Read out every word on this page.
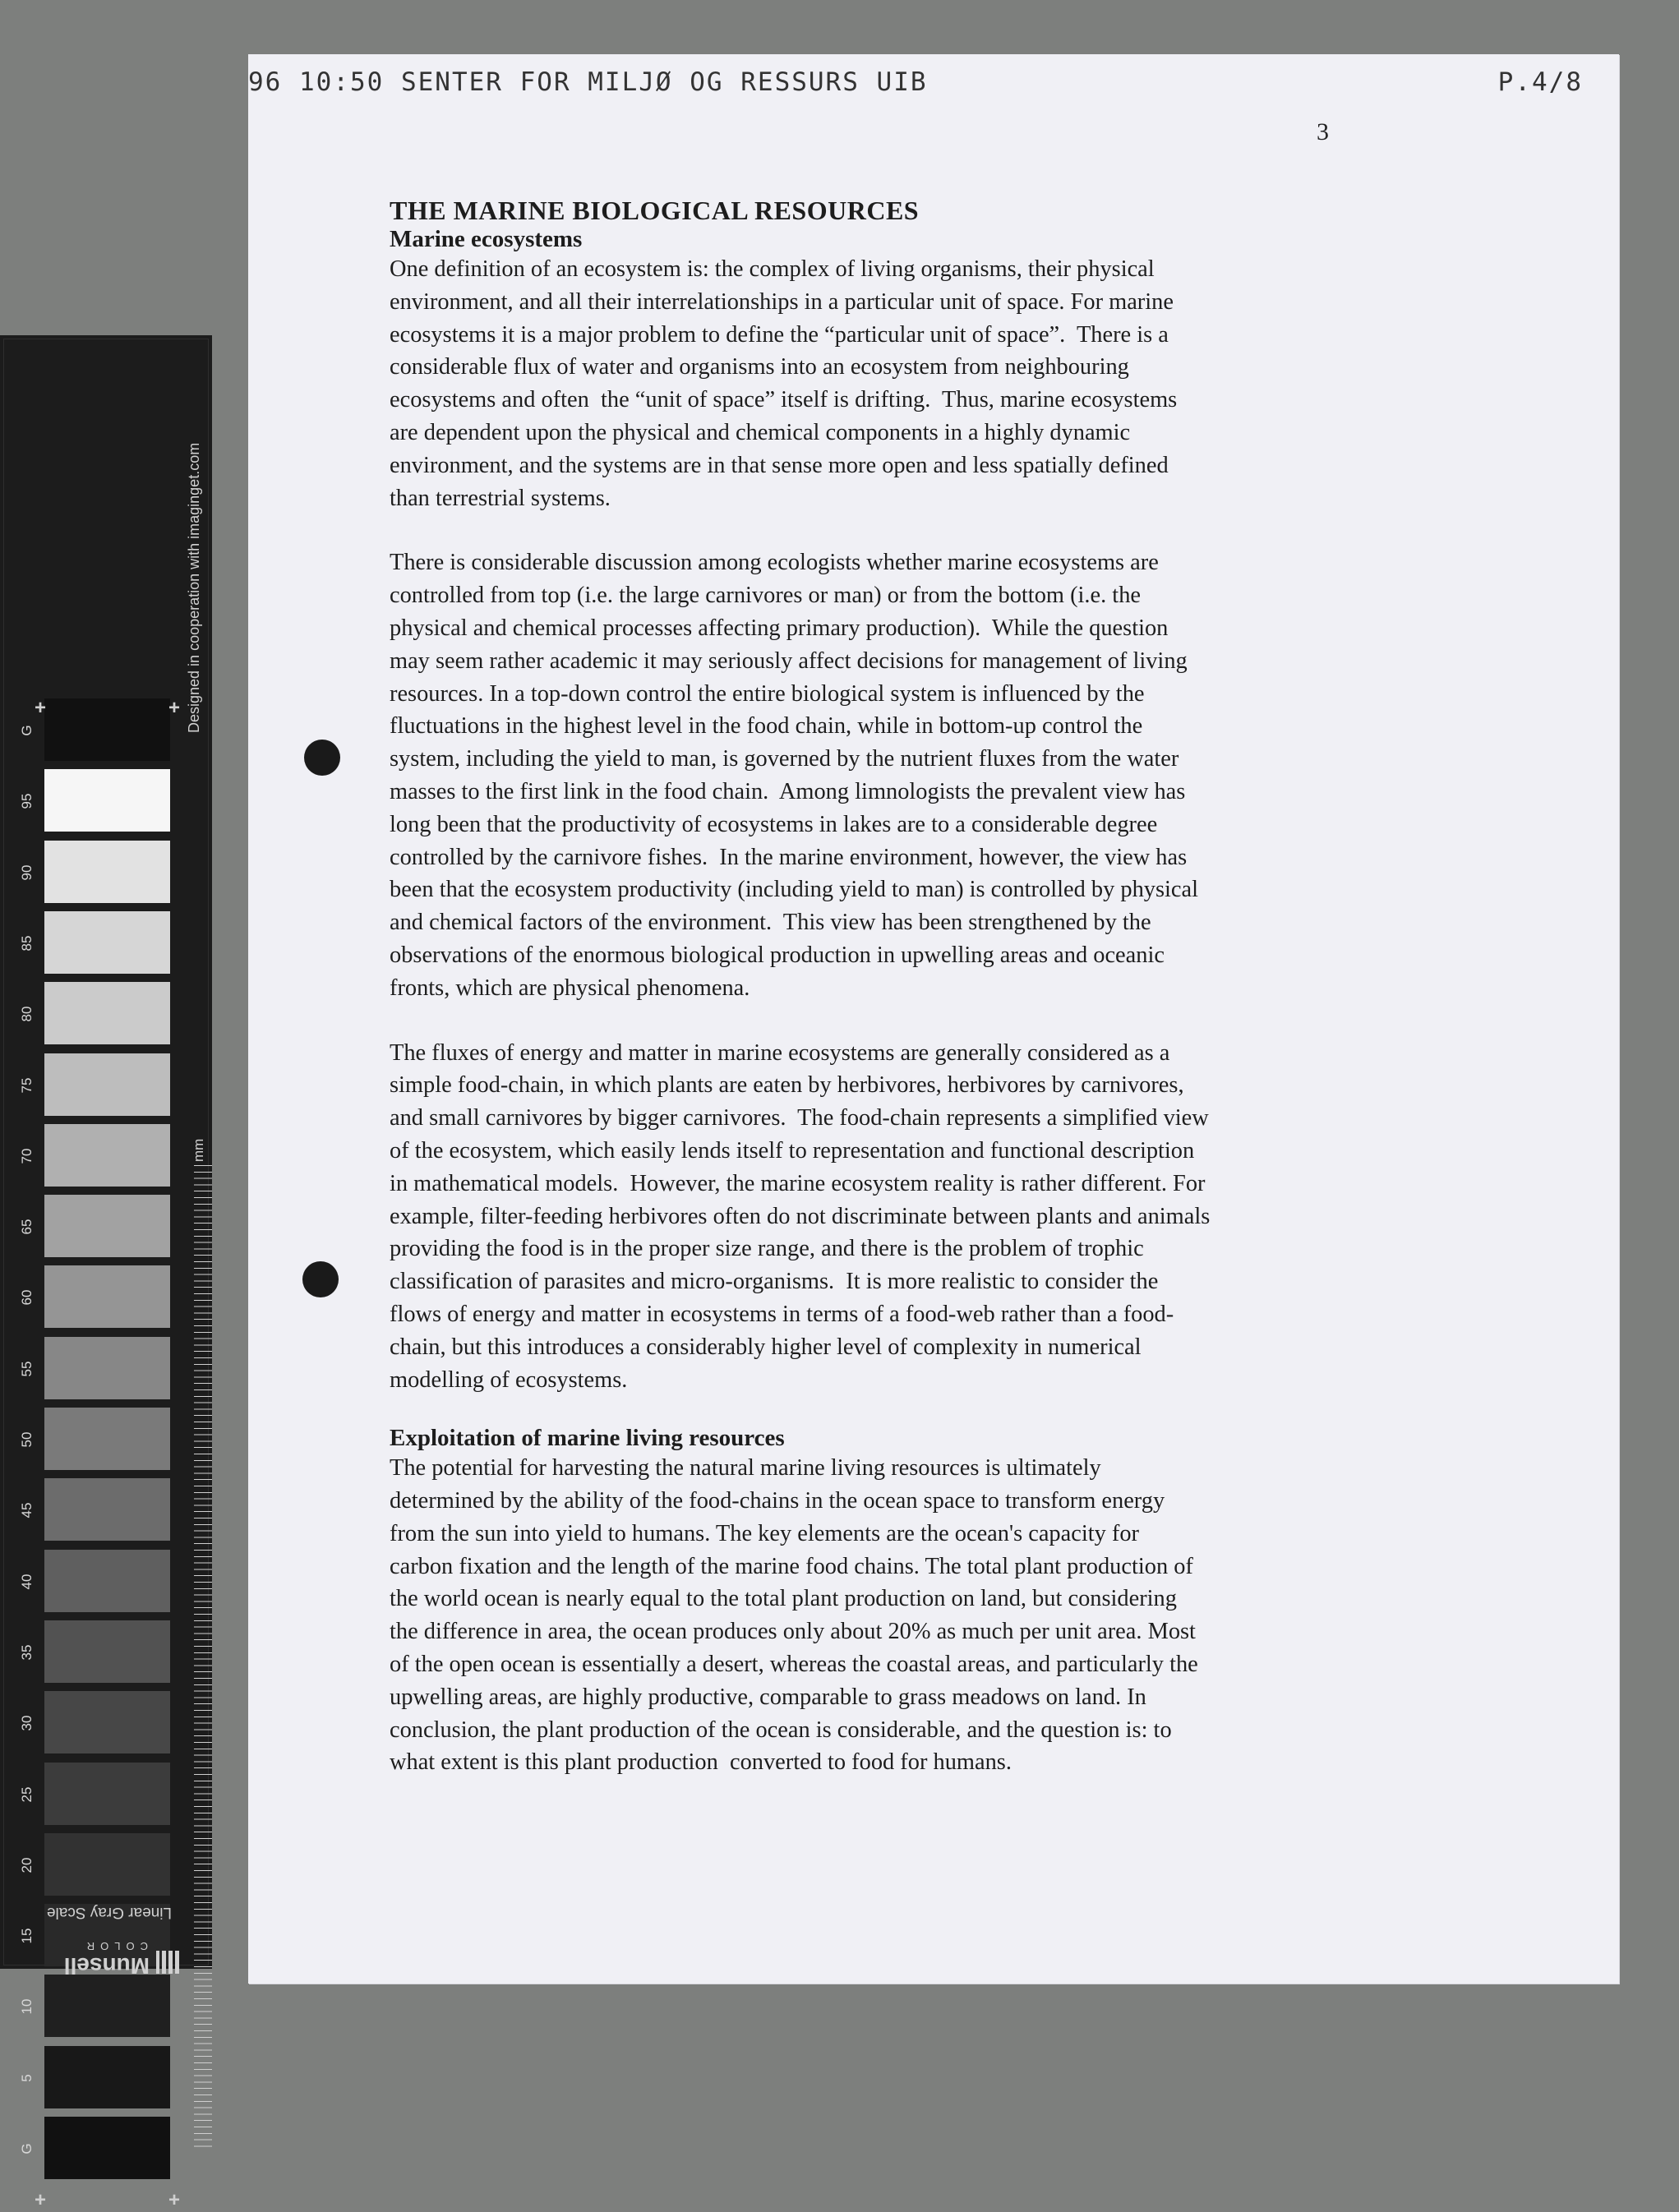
G
95
90
85
80
75
70
65
60
55
50
45
40
35
30
25
20
15
10
5
G
+	+
+	+
Designed in cooperation with imaginget.com
mm
Linear Gray Scale
Munsell
COLOR
96 10:50 SENTER FOR MILJØ OG RESSURS UIB	P.4/8
3

THE MARINE BIOLOGICAL RESOURCES

Marine ecosystems

One definition of an ecosystem is: the complex of living organisms, their physical
environment, and all their interrelationships in a particular unit of space. For marine
ecosystems it is a major problem to define the “particular unit of space”.  There is a
considerable flux of water and organisms into an ecosystem from neighbouring
ecosystems and often  the “unit of space” itself is drifting.  Thus, marine ecosystems
are dependent upon the physical and chemical components in a highly dynamic
environment, and the systems are in that sense more open and less spatially defined
than terrestrial systems.
There is considerable discussion among ecologists whether marine ecosystems are
controlled from top (i.e. the large carnivores or man) or from the bottom (i.e. the
physical and chemical processes affecting primary production).  While the question
may seem rather academic it may seriously affect decisions for management of living
resources. In a top-down control the entire biological system is influenced by the
fluctuations in the highest level in the food chain, while in bottom-up control the
system, including the yield to man, is governed by the nutrient fluxes from the water
masses to the first link in the food chain.  Among limnologists the prevalent view has
long been that the productivity of ecosystems in lakes are to a considerable degree
controlled by the carnivore fishes.  In the marine environment, however, the view has
been that the ecosystem productivity (including yield to man) is controlled by physical
and chemical factors of the environment.  This view has been strengthened by the
observations of the enormous biological production in upwelling areas and oceanic
fronts, which are physical phenomena.
The fluxes of energy and matter in marine ecosystems are generally considered as a
simple food-chain, in which plants are eaten by herbivores, herbivores by carnivores,
and small carnivores by bigger carnivores.  The food-chain represents a simplified view
of the ecosystem, which easily lends itself to representation and functional description
in mathematical models.  However, the marine ecosystem reality is rather different. For
example, filter-feeding herbivores often do not discriminate between plants and animals
providing the food is in the proper size range, and there is the problem of trophic
classification of parasites and micro-organisms.  It is more realistic to consider the
flows of energy and matter in ecosystems in terms of a food-web rather than a food-
chain, but this introduces a considerably higher level of complexity in numerical
modelling of ecosystems.

Exploitation of marine living resources

The potential for harvesting the natural marine living resources is ultimately
determined by the ability of the food-chains in the ocean space to transform energy
from the sun into yield to humans. The key elements are the ocean's capacity for
carbon fixation and the length of the marine food chains. The total plant production of
the world ocean is nearly equal to the total plant production on land, but considering
the difference in area, the ocean produces only about 20% as much per unit area. Most
of the open ocean is essentially a desert, whereas the coastal areas, and particularly the
upwelling areas, are highly productive, comparable to grass meadows on land. In
conclusion, the plant production of the ocean is considerable, and the question is: to
what extent is this plant production  converted to food for humans.
